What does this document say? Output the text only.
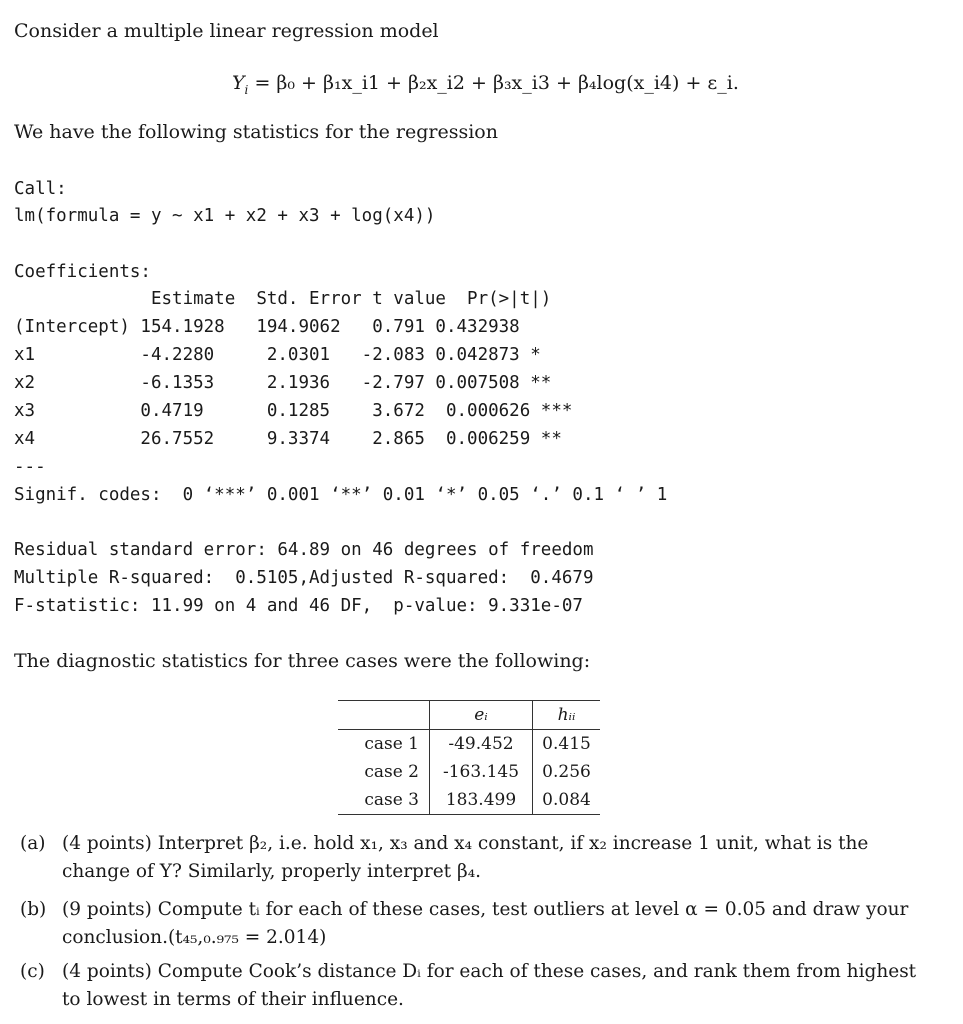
Consider a multiple linear regression model
$Y_i = \beta_0$ + β₁x_i1 + β₂x_i2 + β₃x_i3 + β₄log(x_i4) + ε_i.
We have the following statistics for the regression
Call:
lm(formula = y ~ x1 + x2 + x3 + log(x4))
Coefficients:
Estimate  Std. Error t value  Pr(>|t|)
(Intercept) 154.1928   194.9062   0.791 0.432938
x1          -4.2280     2.0301   -2.083 0.042873 *
x2          -6.1353     2.1936   -2.797 0.007508 **
x3          0.4719      0.1285    3.672  0.000626 ***
x4          26.7552     9.3374    2.865  0.006259 **
---
Signif. codes:  0 ‘***’ 0.001 ‘**’ 0.01 ‘*’ 0.05 ‘.’ 0.1 ‘ ’ 1
Residual standard error: 64.89 on 46 degrees of freedom
Multiple R-squared:  0.5105,Adjusted R-squared:  0.4679
F-statistic: 11.99 on 4 and 46 DF,  p-value: 9.331e-07
The diagnostic statistics for three cases were the following:
	eᵢ	hᵢᵢ
case 1	-49.452	0.415
case 2	-163.145	0.256
case 3	183.499	0.084
(a) (4 points) Interpret β₂, i.e. hold x₁, x₃ and x₄ constant, if x₂ increase 1 unit, what is the change of Y? Similarly, properly interpret β₄.
(b) (9 points) Compute tᵢ for each of these cases, test outliers at level α = 0.05 and draw your conclusion.(t₄₅,₀.₉₇₅ = 2.014)
(c) (4 points) Compute Cook’s distance Dᵢ for each of these cases, and rank them from highest to lowest in terms of their influence.
